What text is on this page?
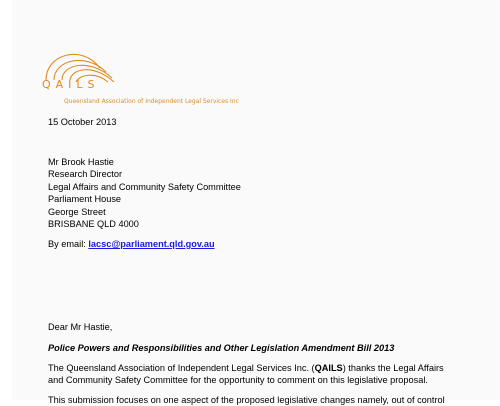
QAILS
Queensland Association of Independent Legal Services Inc
15 October 2013
Mr Brook Hastie
Research Director
Legal Affairs and Community Safety Committee
Parliament House
George Street
BRISBANE QLD 4000
By email: lacsc@parliament.qld.gov.au
Dear Mr Hastie,
Police Powers and Responsibilities and Other Legislation Amendment Bill 2013
The Queensland Association of Independent Legal Services Inc. (QAILS) thanks the Legal Affairs
and Community Safety Committee for the opportunity to comment on this legislative proposal.
This submission focuses on one aspect of the proposed legislative changes namely, out of control
